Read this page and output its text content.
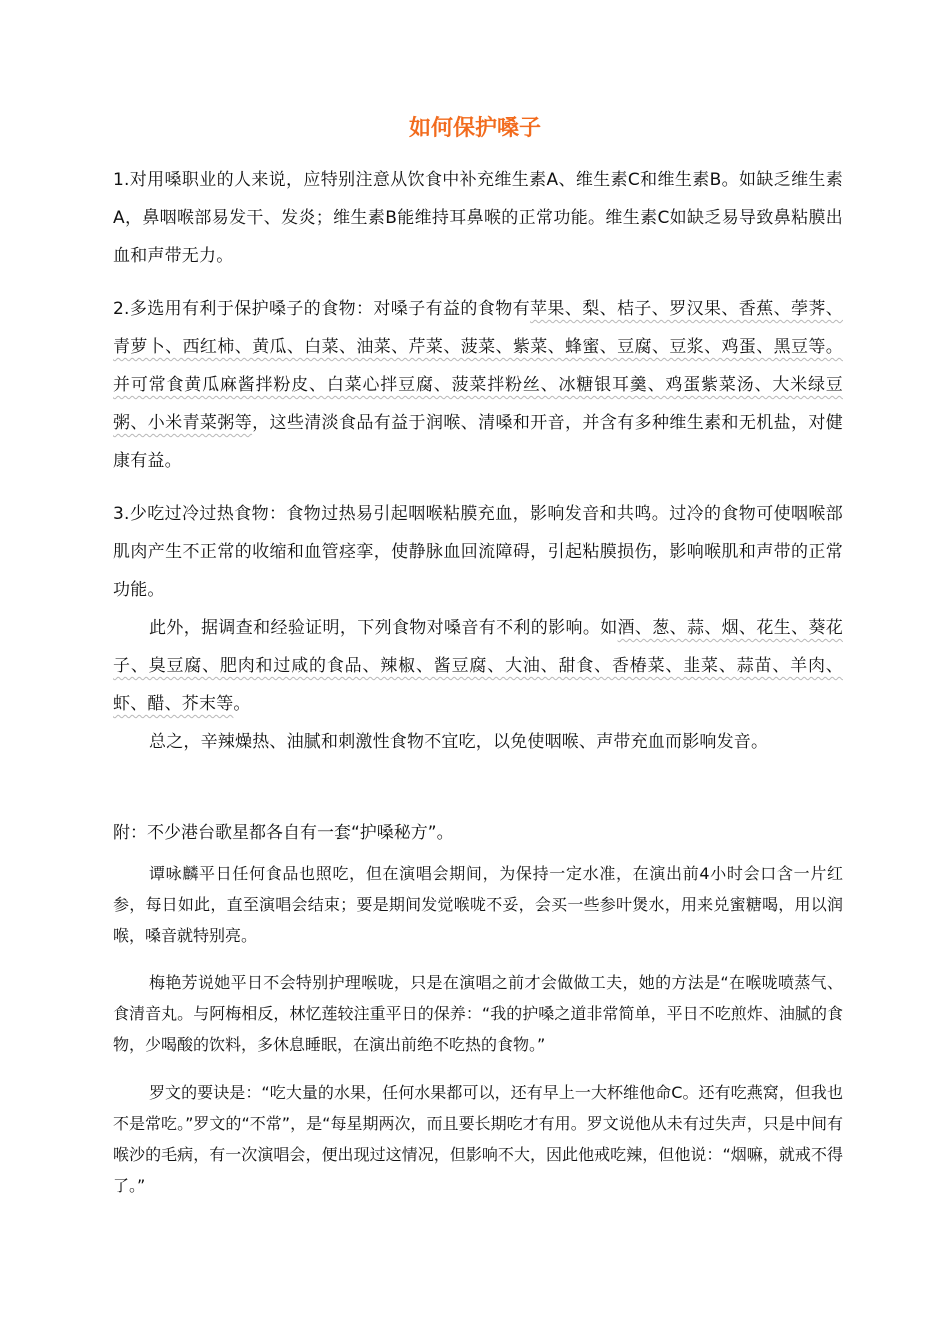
如何保护嗓子

1.对用嗓职业的人来说，应特别注意从饮食中补充维生素A、维生素C和维生素B。如缺乏维生素A，鼻咽喉部易发干、发炎；维生素B能维持耳鼻喉的正常功能。维生素C如缺乏易导致鼻粘膜出血和声带无力。

2.多选用有利于保护嗓子的食物：对嗓子有益的食物有苹果、梨、桔子、罗汉果、香蕉、荸荠、青萝卜、西红柿、黄瓜、白菜、油菜、芹菜、菠菜、紫菜、蜂蜜、豆腐、豆浆、鸡蛋、黑豆等。并可常食黄瓜麻酱拌粉皮、白菜心拌豆腐、菠菜拌粉丝、冰糖银耳羹、鸡蛋紫菜汤、大米绿豆粥、小米青菜粥等，这些清淡食品有益于润喉、清嗓和开音，并含有多种维生素和无机盐，对健康有益。

3.少吃过冷过热食物：食物过热易引起咽喉粘膜充血，影响发音和共鸣。过冷的食物可使咽喉部肌肉产生不正常的收缩和血管痉挛，使静脉血回流障碍，引起粘膜损伤，影响喉肌和声带的正常功能。

此外，据调查和经验证明，下列食物对嗓音有不利的影响。如酒、葱、蒜、烟、花生、葵花子、臭豆腐、肥肉和过咸的食品、辣椒、酱豆腐、大油、甜食、香椿菜、韭菜、蒜苗、羊肉、虾、醋、芥末等。

总之，辛辣燥热、油腻和刺激性食物不宜吃，以免使咽喉、声带充血而影响发音。

附：不少港台歌星都各自有一套“护嗓秘方”。

谭咏麟平日任何食品也照吃，但在演唱会期间，为保持一定水准，在演出前4小时会口含一片红参，每日如此，直至演唱会结束；要是期间发觉喉咙不妥，会买一些参叶煲水，用来兑蜜糖喝，用以润喉，嗓音就特别亮。

梅艳芳说她平日不会特别护理喉咙，只是在演唱之前才会做做工夫，她的方法是“在喉咙喷蒸气、食清音丸。与阿梅相反，林忆莲较注重平日的保养：“我的护嗓之道非常简单，平日不吃煎炸、油腻的食物，少喝酸的饮料，多休息睡眠，在演出前绝不吃热的食物。”

罗文的要诀是：“吃大量的水果，任何水果都可以，还有早上一大杯维他命C。还有吃燕窝，但我也不是常吃。”罗文的“不常”，是“每星期两次，而且要长期吃才有用。罗文说他从未有过失声，只是中间有喉沙的毛病，有一次演唱会，便出现过这情况，但影响不大，因此他戒吃辣，但他说：“烟嘛，就戒不得了。”
